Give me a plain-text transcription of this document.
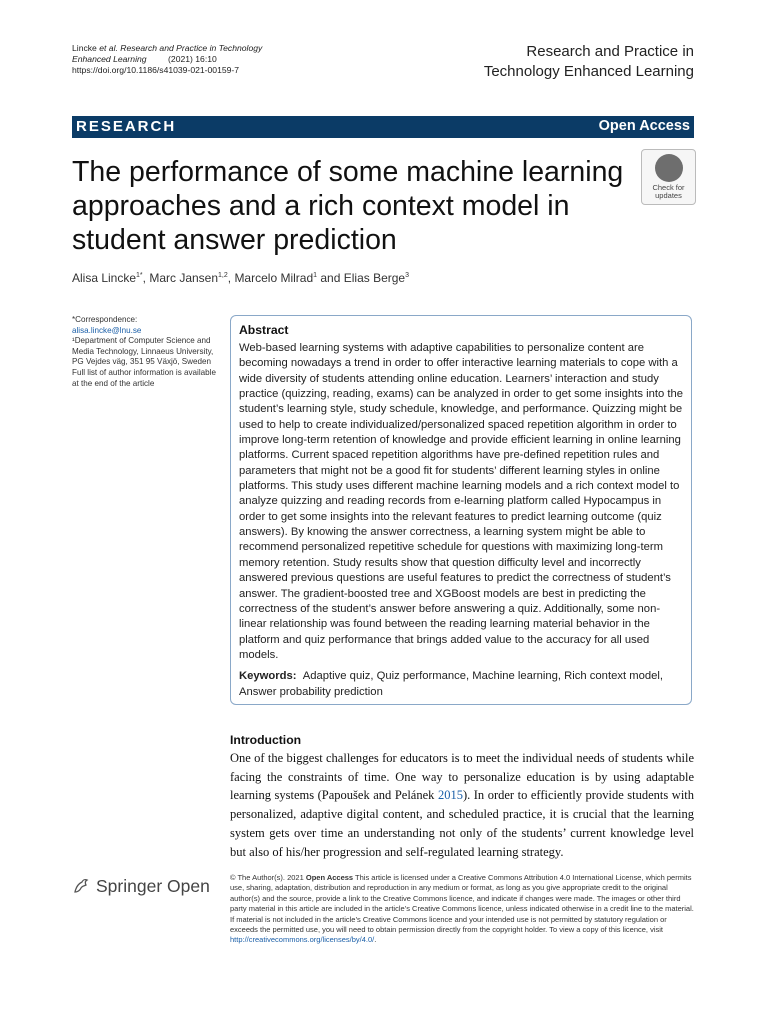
Lincke et al. Research and Practice in Technology
Enhanced Learning	(2021) 16:10
https://doi.org/10.1186/s41039-021-00159-7
Research and Practice in
Technology Enhanced Learning
RESEARCH	Open Access
The performance of some machine learning approaches and a rich context model in student answer prediction
Check for
updates
Alisa Lincke$^{1*}$, Marc Jansen$^{1,2}$, Marcelo Milrad$^1$ and Elias Berge$^3$
*Correspondence:
alisa.lincke@lnu.se
¹Department of Computer Science and Media Technology, Linnaeus University, PG Vejdes väg, 351 95 Växjö, Sweden
Full list of author information is available at the end of the article
Abstract
Web-based learning systems with adaptive capabilities to personalize content are becoming nowadays a trend in order to offer interactive learning materials to cope with a wide diversity of students attending online education. Learners’ interaction and study practice (quizzing, reading, exams) can be analyzed in order to get some insights into the student’s learning style, study schedule, knowledge, and performance. Quizzing might be used to help to create individualized/personalized spaced repetition algorithm in order to improve long-term retention of knowledge and provide efficient learning in online learning platforms. Current spaced repetition algorithms have pre-defined repetition rules and parameters that might not be a good fit for students’ different learning styles in online platforms. This study uses different machine learning models and a rich context model to analyze quizzing and reading records from e-learning platform called Hypocampus in order to get some insights into the relevant features to predict learning outcome (quiz answers). By knowing the answer correctness, a learning system might be able to recommend personalized repetitive schedule for questions with maximizing long-term memory retention. Study results show that question difficulty level and incorrectly answered previous questions are useful features to predict the correctness of student’s answer. The gradient-boosted tree and XGBoost models are best in predicting the correctness of the student’s answer before answering a quiz. Additionally, some non-linear relationship was found between the reading learning material behavior in the platform and quiz performance that brings added value to the accuracy for all used models.
Keywords: Adaptive quiz, Quiz performance, Machine learning, Rich context model, Answer probability prediction
Introduction
One of the biggest challenges for educators is to meet the individual needs of students while facing the constraints of time. One way to personalize education is by using adaptable learning systems (Papoušek and Pelánek 2015). In order to efficiently provide students with personalized, adaptive digital content, and scheduled practice, it is crucial that the learning system gets over time an understanding not only of the students’ current knowledge level but also of his/her progression and self-regulated learning strategy.
Springer Open	© The Author(s). 2021 Open Access This article is licensed under a Creative Commons Attribution 4.0 International License, which permits use, sharing, adaptation, distribution and reproduction in any medium or format, as long as you give appropriate credit to the original author(s) and the source, provide a link to the Creative Commons licence, and indicate if changes were made. The images or other third party material in this article are included in the article’s Creative Commons licence, unless indicated otherwise in a credit line to the material. If material is not included in the article’s Creative Commons licence and your intended use is not permitted by statutory regulation or exceeds the permitted use, you will need to obtain permission directly from the copyright holder. To view a copy of this licence, visit http://creativecommons.org/licenses/by/4.0/.
